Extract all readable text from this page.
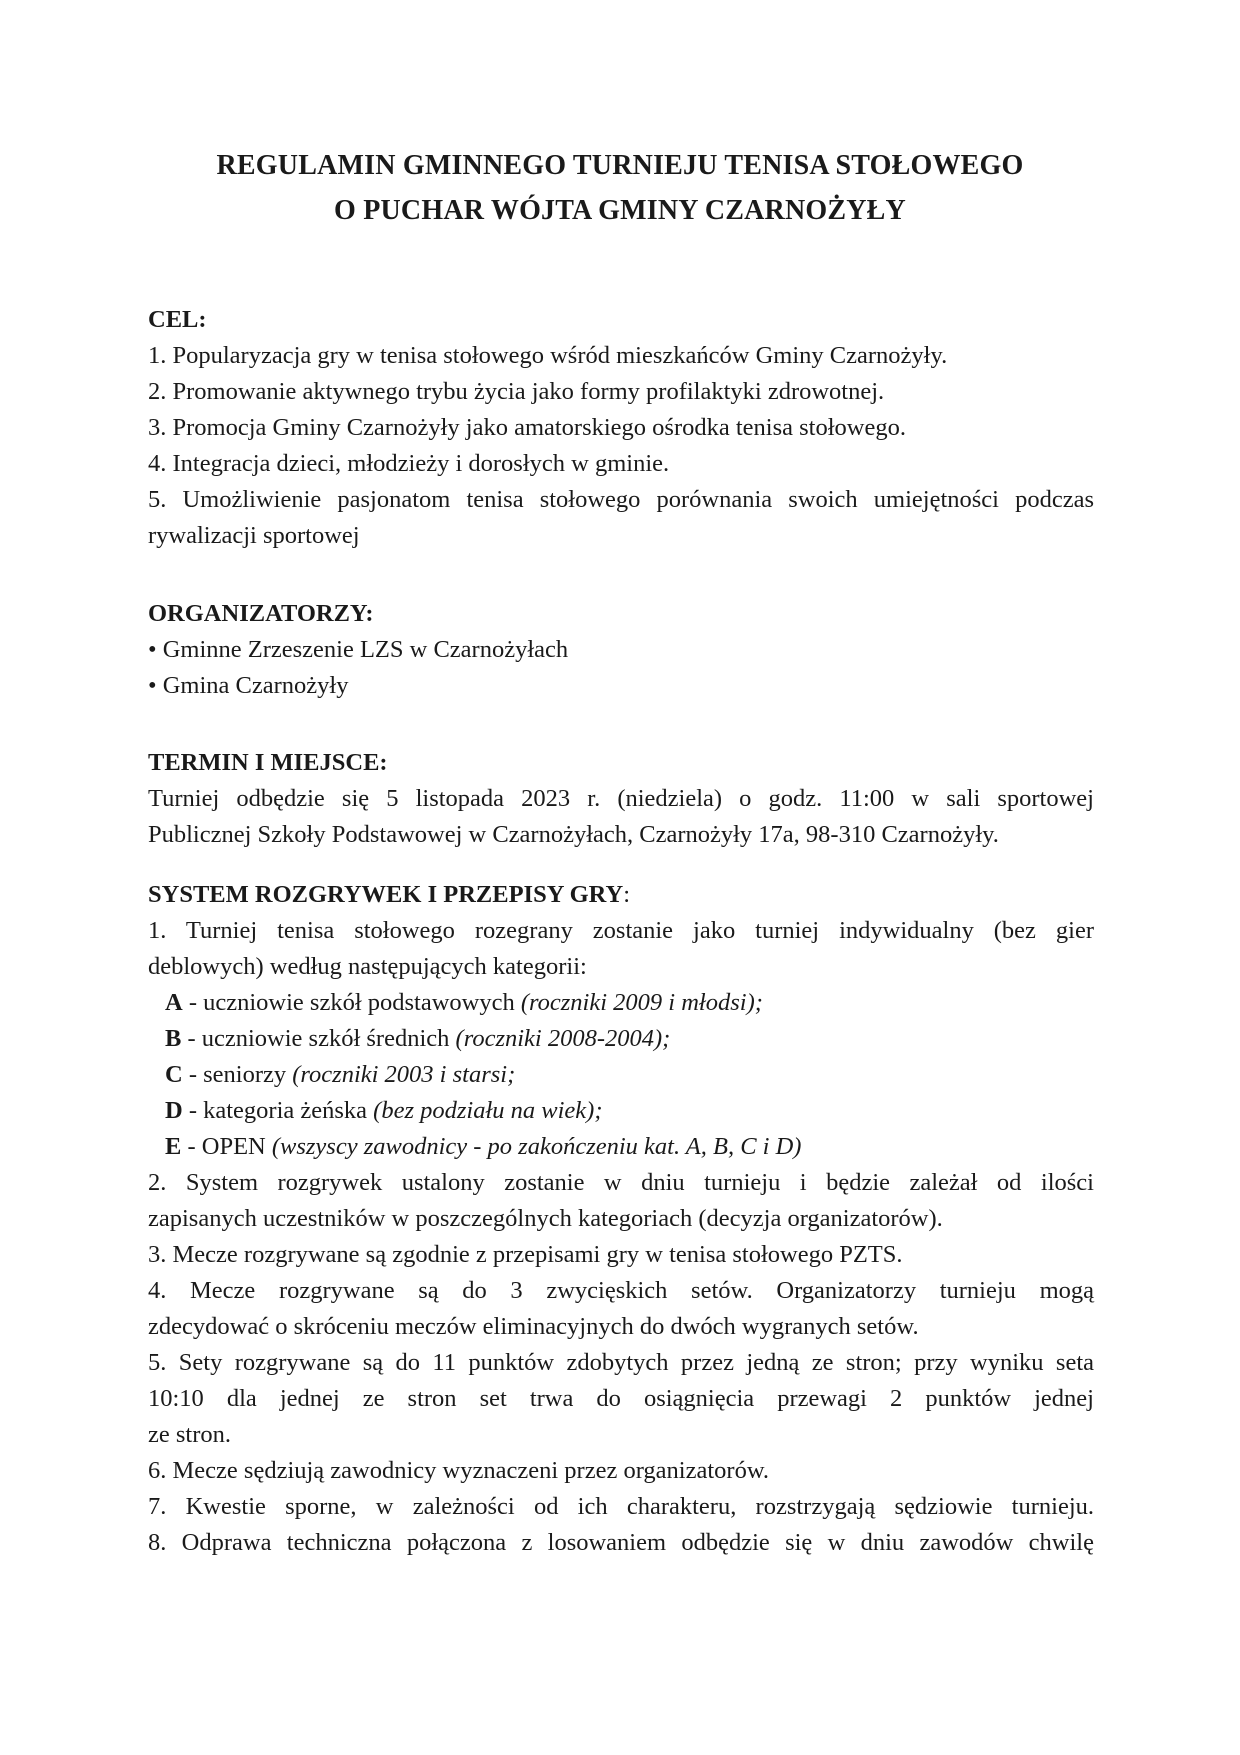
REGULAMIN GMINNEGO TURNIEJU TENISA STOŁOWEGO
O PUCHAR WÓJTA GMINY CZARNOŻYŁY
CEL:
1. Popularyzacja gry w tenisa stołowego wśród mieszkańców Gminy Czarnożyły.
2. Promowanie aktywnego trybu życia jako formy profilaktyki zdrowotnej.
3. Promocja Gminy Czarnożyły jako amatorskiego ośrodka tenisa stołowego.
4. Integracja dzieci, młodzieży i dorosłych w gminie.
5. Umożliwienie pasjonatom tenisa stołowego porównania swoich umiejętności podczas
rywalizacji sportowej
ORGANIZATORZY:
• Gminne Zrzeszenie LZS w Czarnożyłach
• Gmina Czarnożyły
TERMIN I MIEJSCE:
Turniej odbędzie się 5 listopada 2023 r. (niedziela) o godz. 11:00 w sali sportowej
Publicznej Szkoły Podstawowej w Czarnożyłach, Czarnożyły 17a, 98-310 Czarnożyły.
SYSTEM ROZGRYWEK I PRZEPISY GRY:
1. Turniej tenisa stołowego rozegrany zostanie jako turniej indywidualny (bez gier
deblowych) według następujących kategorii:
A - uczniowie szkół podstawowych (roczniki 2009 i młodsi);
B - uczniowie szkół średnich (roczniki 2008-2004);
C - seniorzy (roczniki 2003 i starsi;
D - kategoria żeńska (bez podziału na wiek);
E - OPEN (wszyscy zawodnicy - po zakończeniu kat. A, B, C i D)
2. System rozgrywek ustalony zostanie w dniu turnieju i będzie zależał od ilości
zapisanych uczestników w poszczególnych kategoriach (decyzja organizatorów).
3. Mecze rozgrywane są zgodnie z przepisami gry w tenisa stołowego PZTS.
4. Mecze rozgrywane są do 3 zwycięskich setów. Organizatorzy turnieju mogą
zdecydować o skróceniu meczów eliminacyjnych do dwóch wygranych setów.
5. Sety rozgrywane są do 11 punktów zdobytych przez jedną ze stron; przy wyniku seta
10:10 dla jednej ze stron set trwa do osiągnięcia przewagi 2 punktów jednej
ze stron.
6. Mecze sędziują zawodnicy wyznaczeni przez organizatorów.
7. Kwestie sporne, w zależności od ich charakteru, rozstrzygają sędziowie turnieju.
8. Odprawa techniczna połączona z losowaniem odbędzie się w dniu zawodów chwilę
